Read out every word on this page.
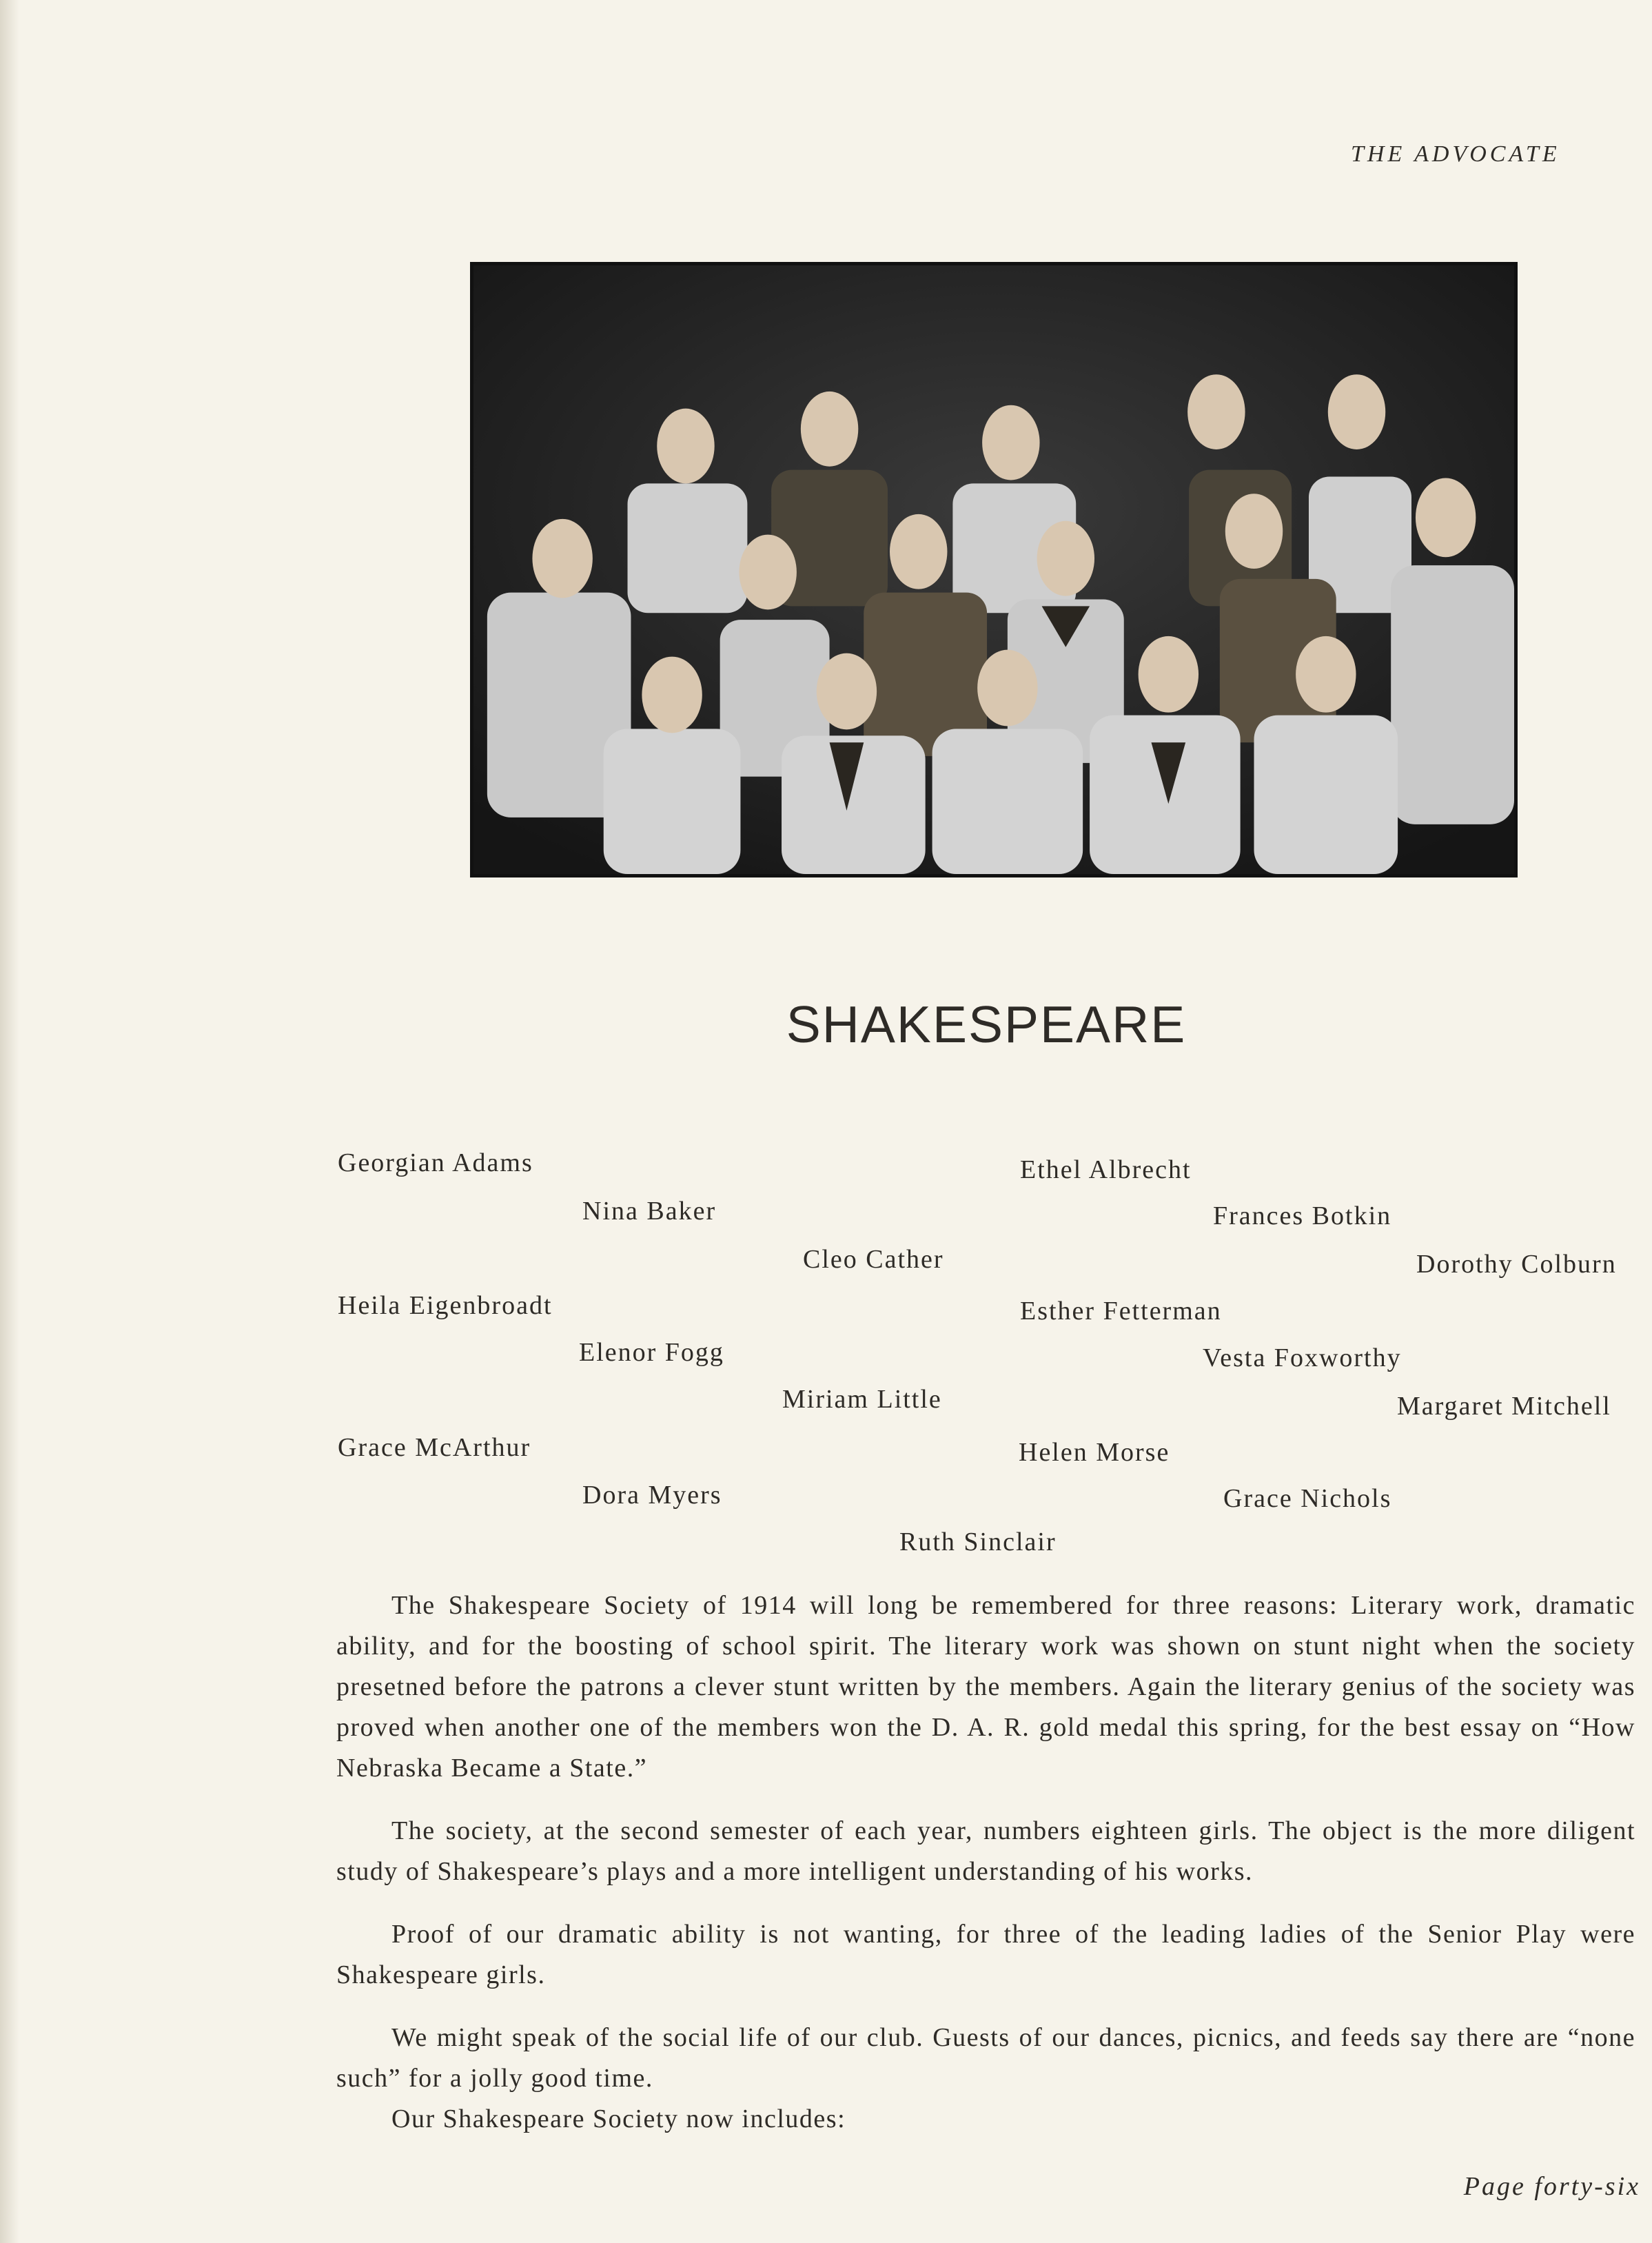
THE ADVOCATE
SHAKESPEARE
Georgian Adams	Ethel Albrecht
Nina Baker	Frances Botkin
Cleo Cather	Dorothy Colburn
Heila Eigenbroadt	Esther Fetterman
Elenor Fogg	Vesta Foxworthy
Miriam Little	Margaret Mitchell
Grace McArthur	Helen Morse
Dora Myers	Grace Nichols
Ruth Sinclair

The Shakespeare Society of 1914 will long be remembered for three reasons: Literary work, dramatic ability, and for the boosting of school spirit. The literary work was shown on stunt night when the society presetned before the patrons a clever stunt written by the members. Again the literary genius of the society was proved when another one of the members won the D. A. R. gold medal this spring, for the best essay on “How Nebraska Became a State.”

The society, at the second semester of each year, numbers eighteen girls. The object is the more diligent study of Shakespeare’s plays and a more intelligent understanding of his works.

Proof of our dramatic ability is not wanting, for three of the leading ladies of the Senior Play were Shakespeare girls.

We might speak of the social life of our club. Guests of our dances, picnics, and feeds say there are “none such” for a jolly good time.

Our Shakespeare Society now includes:

Page forty-six
